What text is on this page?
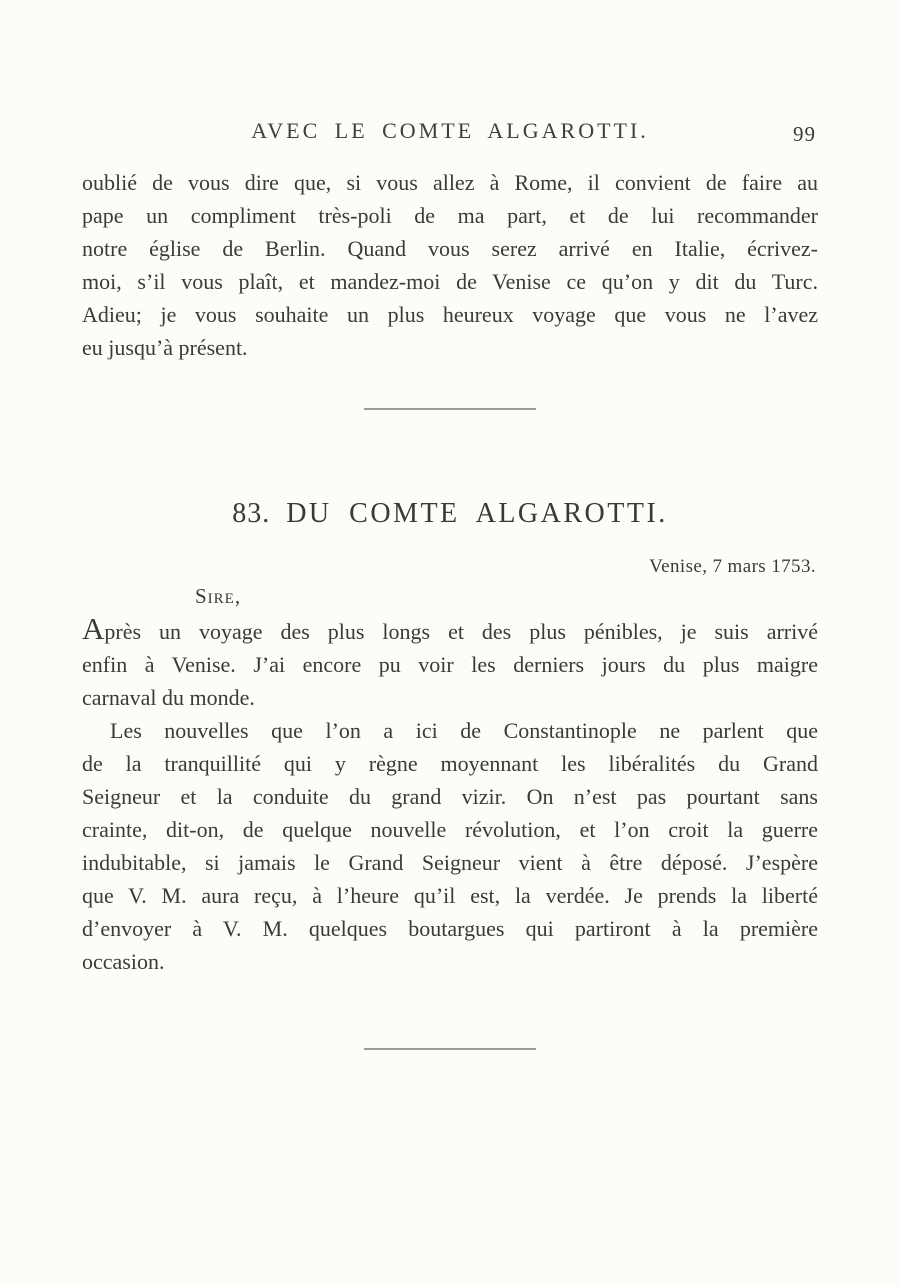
AVEC LE COMTE ALGAROTTI.	99
oublié de vous dire que, si vous allez à Rome, il convient de faire au
pape un compliment très-poli de ma part, et de lui recommander
notre église de Berlin. Quand vous serez arrivé en Italie, écrivez-
moi, s’il vous plaît, et mandez-moi de Venise ce qu’on y dit du Turc.
Adieu; je vous souhaite un plus heureux voyage que vous ne l’avez
eu jusqu’à présent.
83. DU COMTE ALGAROTTI.
Venise, 7 mars 1753.
Sire,
Après un voyage des plus longs et des plus pénibles, je suis arrivé
enfin à Venise. J’ai encore pu voir les derniers jours du plus maigre
carnaval du monde.
Les nouvelles que l’on a ici de Constantinople ne parlent que
de la tranquillité qui y règne moyennant les libéralités du Grand
Seigneur et la conduite du grand vizir. On n’est pas pourtant sans
crainte, dit-on, de quelque nouvelle révolution, et l’on croit la guerre
indubitable, si jamais le Grand Seigneur vient à être déposé. J’espère
que V. M. aura reçu, à l’heure qu’il est, la verdée. Je prends la liberté
d’envoyer à V. M. quelques boutargues qui partiront à la première
occasion.
